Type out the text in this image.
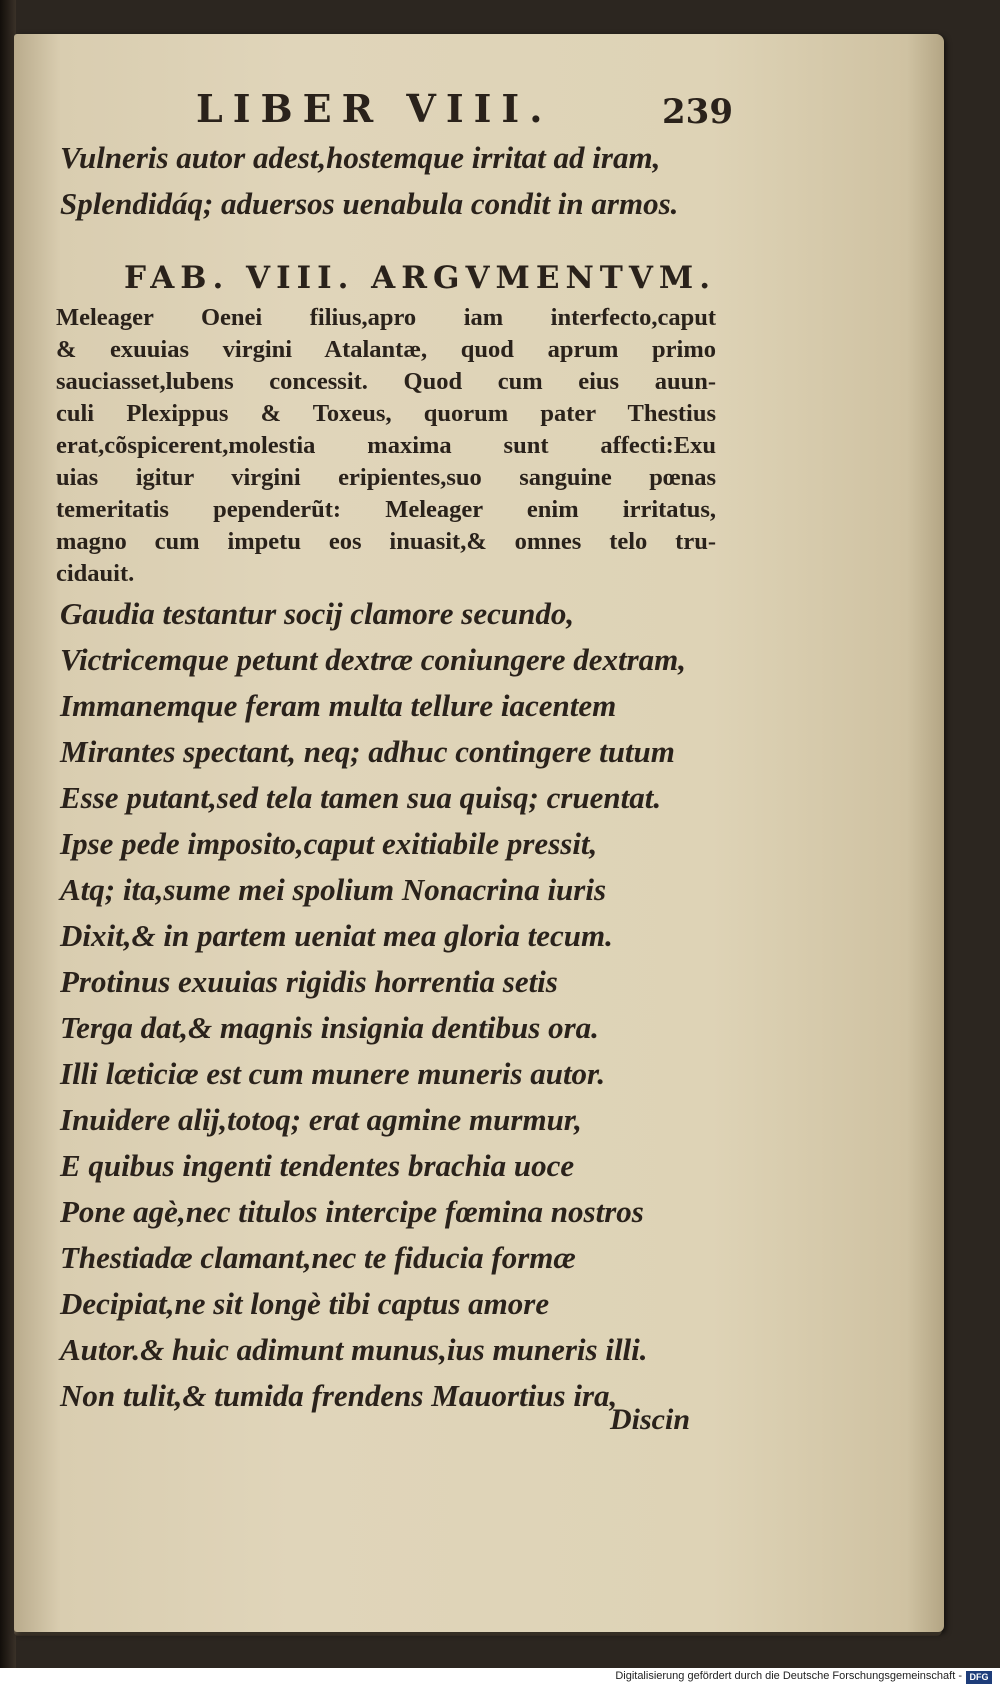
LIBER VIII.	239
Vulneris autor adest,hostemque irritat ad iram,
Splendidáq; aduersos uenabula condit in armos.
FAB. VIII. ARGVMENTVM.
Meleager Oenei filius,apro iam interfecto,caput
& exuuias virgini Atalantæ, quod aprum primo
sauciasset,lubens concessit. Quod cum eius auun-
culi Plexippus & Toxeus, quorum pater Thestius
erat,cõspicerent,molestia maxima sunt affecti:Exu
uias igitur virgini eripientes,suo sanguine pœnas
temeritatis pependerũt: Meleager enim irritatus,
magno cum impetu eos inuasit,& omnes telo tru-
cidauit.
Gaudia testantur socij clamore secundo,
Victricemque petunt dextræ coniungere dextram,
Immanemque feram multa tellure iacentem
Mirantes spectant, neq; adhuc contingere tutum
Esse putant,sed tela tamen sua quisq; cruentat.
Ipse pede imposito,caput exitiabile pressit,
Atq; ita,sume mei spolium Nonacrina iuris
Dixit,& in partem ueniat mea gloria tecum.
Protinus exuuias rigidis horrentia setis
Terga dat,& magnis insignia dentibus ora.
Illi læticiæ est cum munere muneris autor.
Inuidere alij,totoq; erat agmine murmur,
E quibus ingenti tendentes brachia uoce
Pone agè,nec titulos intercipe fœmina nostros
Thestiadæ clamant,nec te fiducia formæ
Decipiat,ne sit longè tibi captus amore
Autor.& huic adimunt munus,ius muneris illi.
Non tulit,& tumida frendens Mauortius ira,
Discin
Digitalisierung gefördert durch die Deutsche Forschungsgemeinschaft - DFG
